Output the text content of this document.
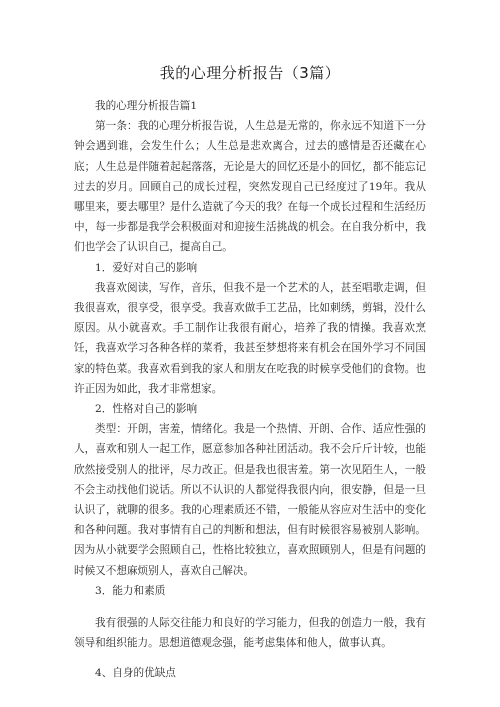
我的心理分析报告（3篇）

我的心理分析报告篇1

第一条：我的心理分析报告说，人生总是无常的，你永远不知道下一分钟会遇到谁，会发生什么；人生总是悲欢离合，过去的感情是否还藏在心底；人生总是伴随着起起落落，无论是大的回忆还是小的回忆，都不能忘记过去的岁月。回顾自己的成长过程，突然发现自己已经度过了19年。我从哪里来，要去哪里？是什么造就了今天的我？在每一个成长过程和生活经历中，每一步都是我学会积极面对和迎接生活挑战的机会。在自我分析中，我们也学会了认识自己，提高自己。

1．爱好对自己的影响

我喜欢阅读，写作，音乐，但我不是一个艺术的人，甚至唱歌走调，但我很喜欢，很享受，很享受。我喜欢做手工艺品，比如刺绣，剪辑，没什么原因。从小就喜欢。手工制作让我很有耐心，培养了我的情操。我喜欢烹饪，我喜欢学习各种各样的菜肴，我甚至梦想将来有机会在国外学习不同国家的特色菜。我喜欢看到我的家人和朋友在吃我的时候享受他们的食物。也许正因为如此，我才非常想家。

2．性格对自己的影响

类型：开朗，害羞，情绪化。我是一个热情、开朗、合作、适应性强的人，喜欢和别人一起工作，愿意参加各种社团活动。我不会斤斤计较，也能欣然接受别人的批评，尽力改正。但是我也很害羞。第一次见陌生人，一般不会主动找他们说话。所以不认识的人都觉得我很内向，很安静，但是一旦认识了，就聊的很多。我的心理素质还不错，一般能从容应对生活中的变化和各种问题。我对事情有自己的判断和想法，但有时候很容易被别人影响。因为从小就要学会照顾自己，性格比较独立，喜欢照顾别人，但是有问题的时候又不想麻烦别人，喜欢自己解决。

3．能力和素质

我有很强的人际交往能力和良好的学习能力，但我的创造力一般，我有领导和组织能力。思想道德观念强，能考虑集体和他人，做事认真。

4、自身的优缺点
